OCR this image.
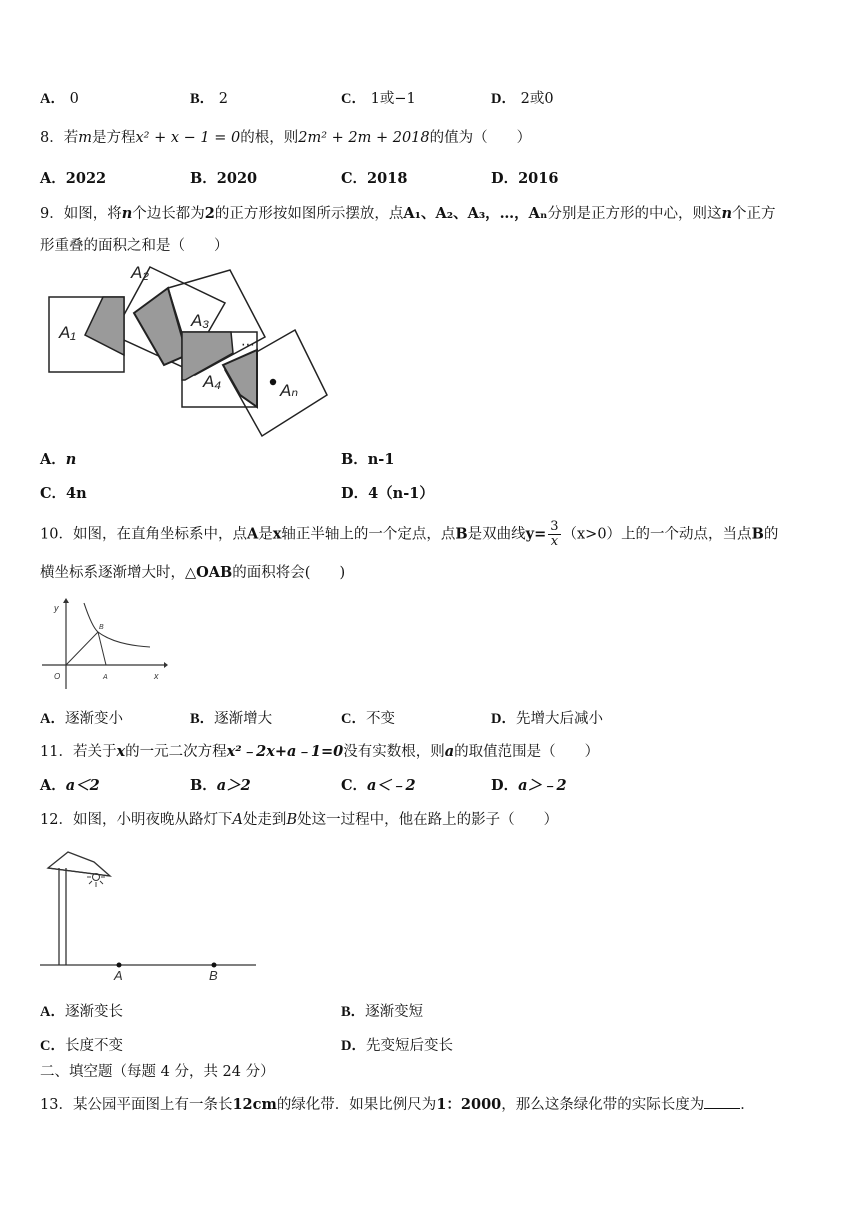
A． 0	B． 2	C． 1或−1	D． 2或0
8．若m是方程x² + x − 1 = 0的根，则2m² + 2m + 2018的值为（　　）
A．2022	B．2020	C．2018	D．2016
9．如图，将n个边长都为2的正方形按如图所示摆放，点A₁、A₂、A₃，…，Aₙ分别是正方形的中心，则这n个正方
形重叠的面积之和是（　　）
A₁
A₂
A₃
A₄	Aₙ
⋯
A．n	B．n-1
C．4n	D．4（n-1）
10．如图，在直角坐标系中，点A是x轴正半轴上的一个定点，点B是双曲线$y= \frac{3}{x} (x>0)$上的一个动点，当点B的
横坐标系逐渐增大时，△OAB的面积将会(　　)
y
x
O	A
B
A．逐渐变小	B．逐渐增大	C．不变	D．先增大后减小
11．若关于x的一元二次方程x²﹣2x+a﹣1=0没有实数根，则a的取值范围是（　　）
A．a＜2	B．a＞2	C．a＜﹣2	D．a＞﹣2
12．如图，小明夜晚从路灯下A处走到B处这一过程中，他在路上的影子（　　）
A	B
A．逐渐变长	B．逐渐变短
C．长度不变	D．先变短后变长
二、填空题（每题 4 分，共 24 分）
13．某公园平面图上有一条长12cm的绿化带．如果比例尺为1：2000，那么这条绿化带的实际长度为 ．
